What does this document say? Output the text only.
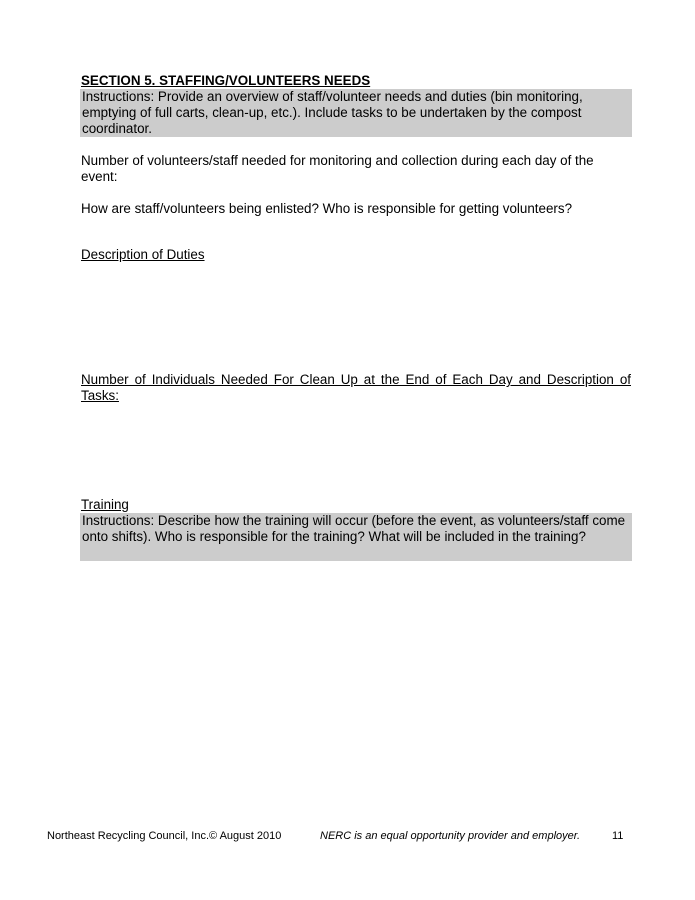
SECTION 5. STAFFING/VOLUNTEERS NEEDS
Instructions: Provide an overview of staff/volunteer needs and duties (bin monitoring, emptying of full carts, clean-up, etc.). Include tasks to be undertaken by the compost coordinator.
Number of volunteers/staff needed for monitoring and collection during each day of the event:
How are staff/volunteers being enlisted? Who is responsible for getting volunteers?
Description of Duties
Number of Individuals Needed For Clean Up at the End of Each Day and Description of Tasks:
Training
Instructions: Describe how the training will occur (before the event, as volunteers/staff come onto shifts). Who is responsible for the training? What will be included in the training?
Northeast Recycling Council, Inc.© August 2010	NERC is an equal opportunity provider and employer.	11
